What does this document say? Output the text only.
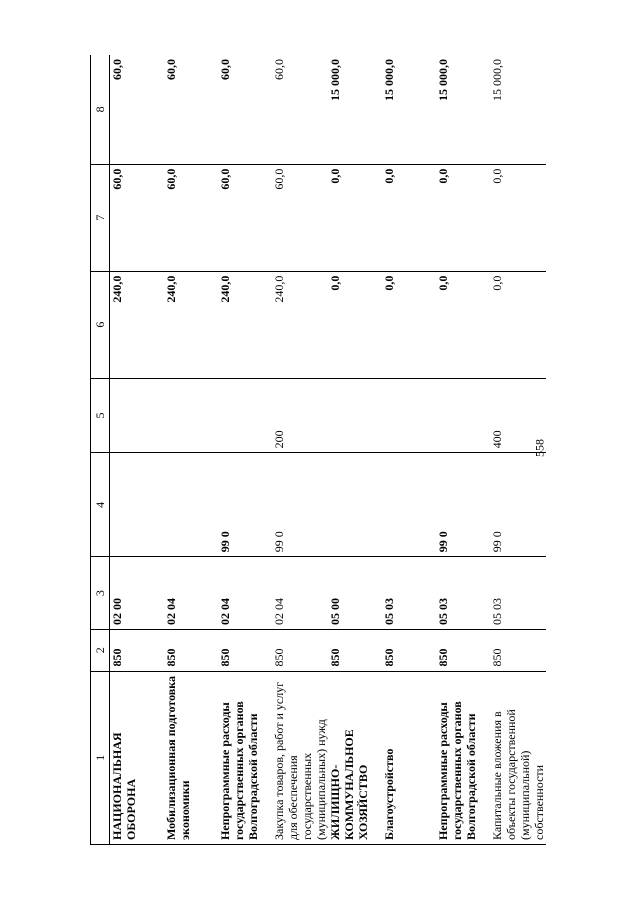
558
1	2	3	4	5	6	7	8
НАЦИОНАЛЬНАЯ ОБОРОНА	850	02 00			240,0	60,0	60,0
Мобилизационная подготовка экономики	850	02 04			240,0	60,0	60,0
Непрограммные расходы государственных органов Волгоградской области	850	02 04	99 0		240,0	60,0	60,0
Закупка товаров, работ и услуг для обеспечения государственных (муниципальных) нужд	850	02 04	99 0	200	240,0	60,0	60,0
ЖИЛИЩНО-КОММУНАЛЬНОЕ ХОЗЯЙСТВО	850	05 00			0,0	0,0	15 000,0
Благоустройство	850	05 03			0,0	0,0	15 000,0
Непрограммные расходы государственных органов Волгоградской области	850	05 03	99 0		0,0	0,0	15 000,0
Капитальные вложения в объекты государственной (муниципальной) собственности	850	05 03	99 0	400	0,0	0,0	15 000,0
